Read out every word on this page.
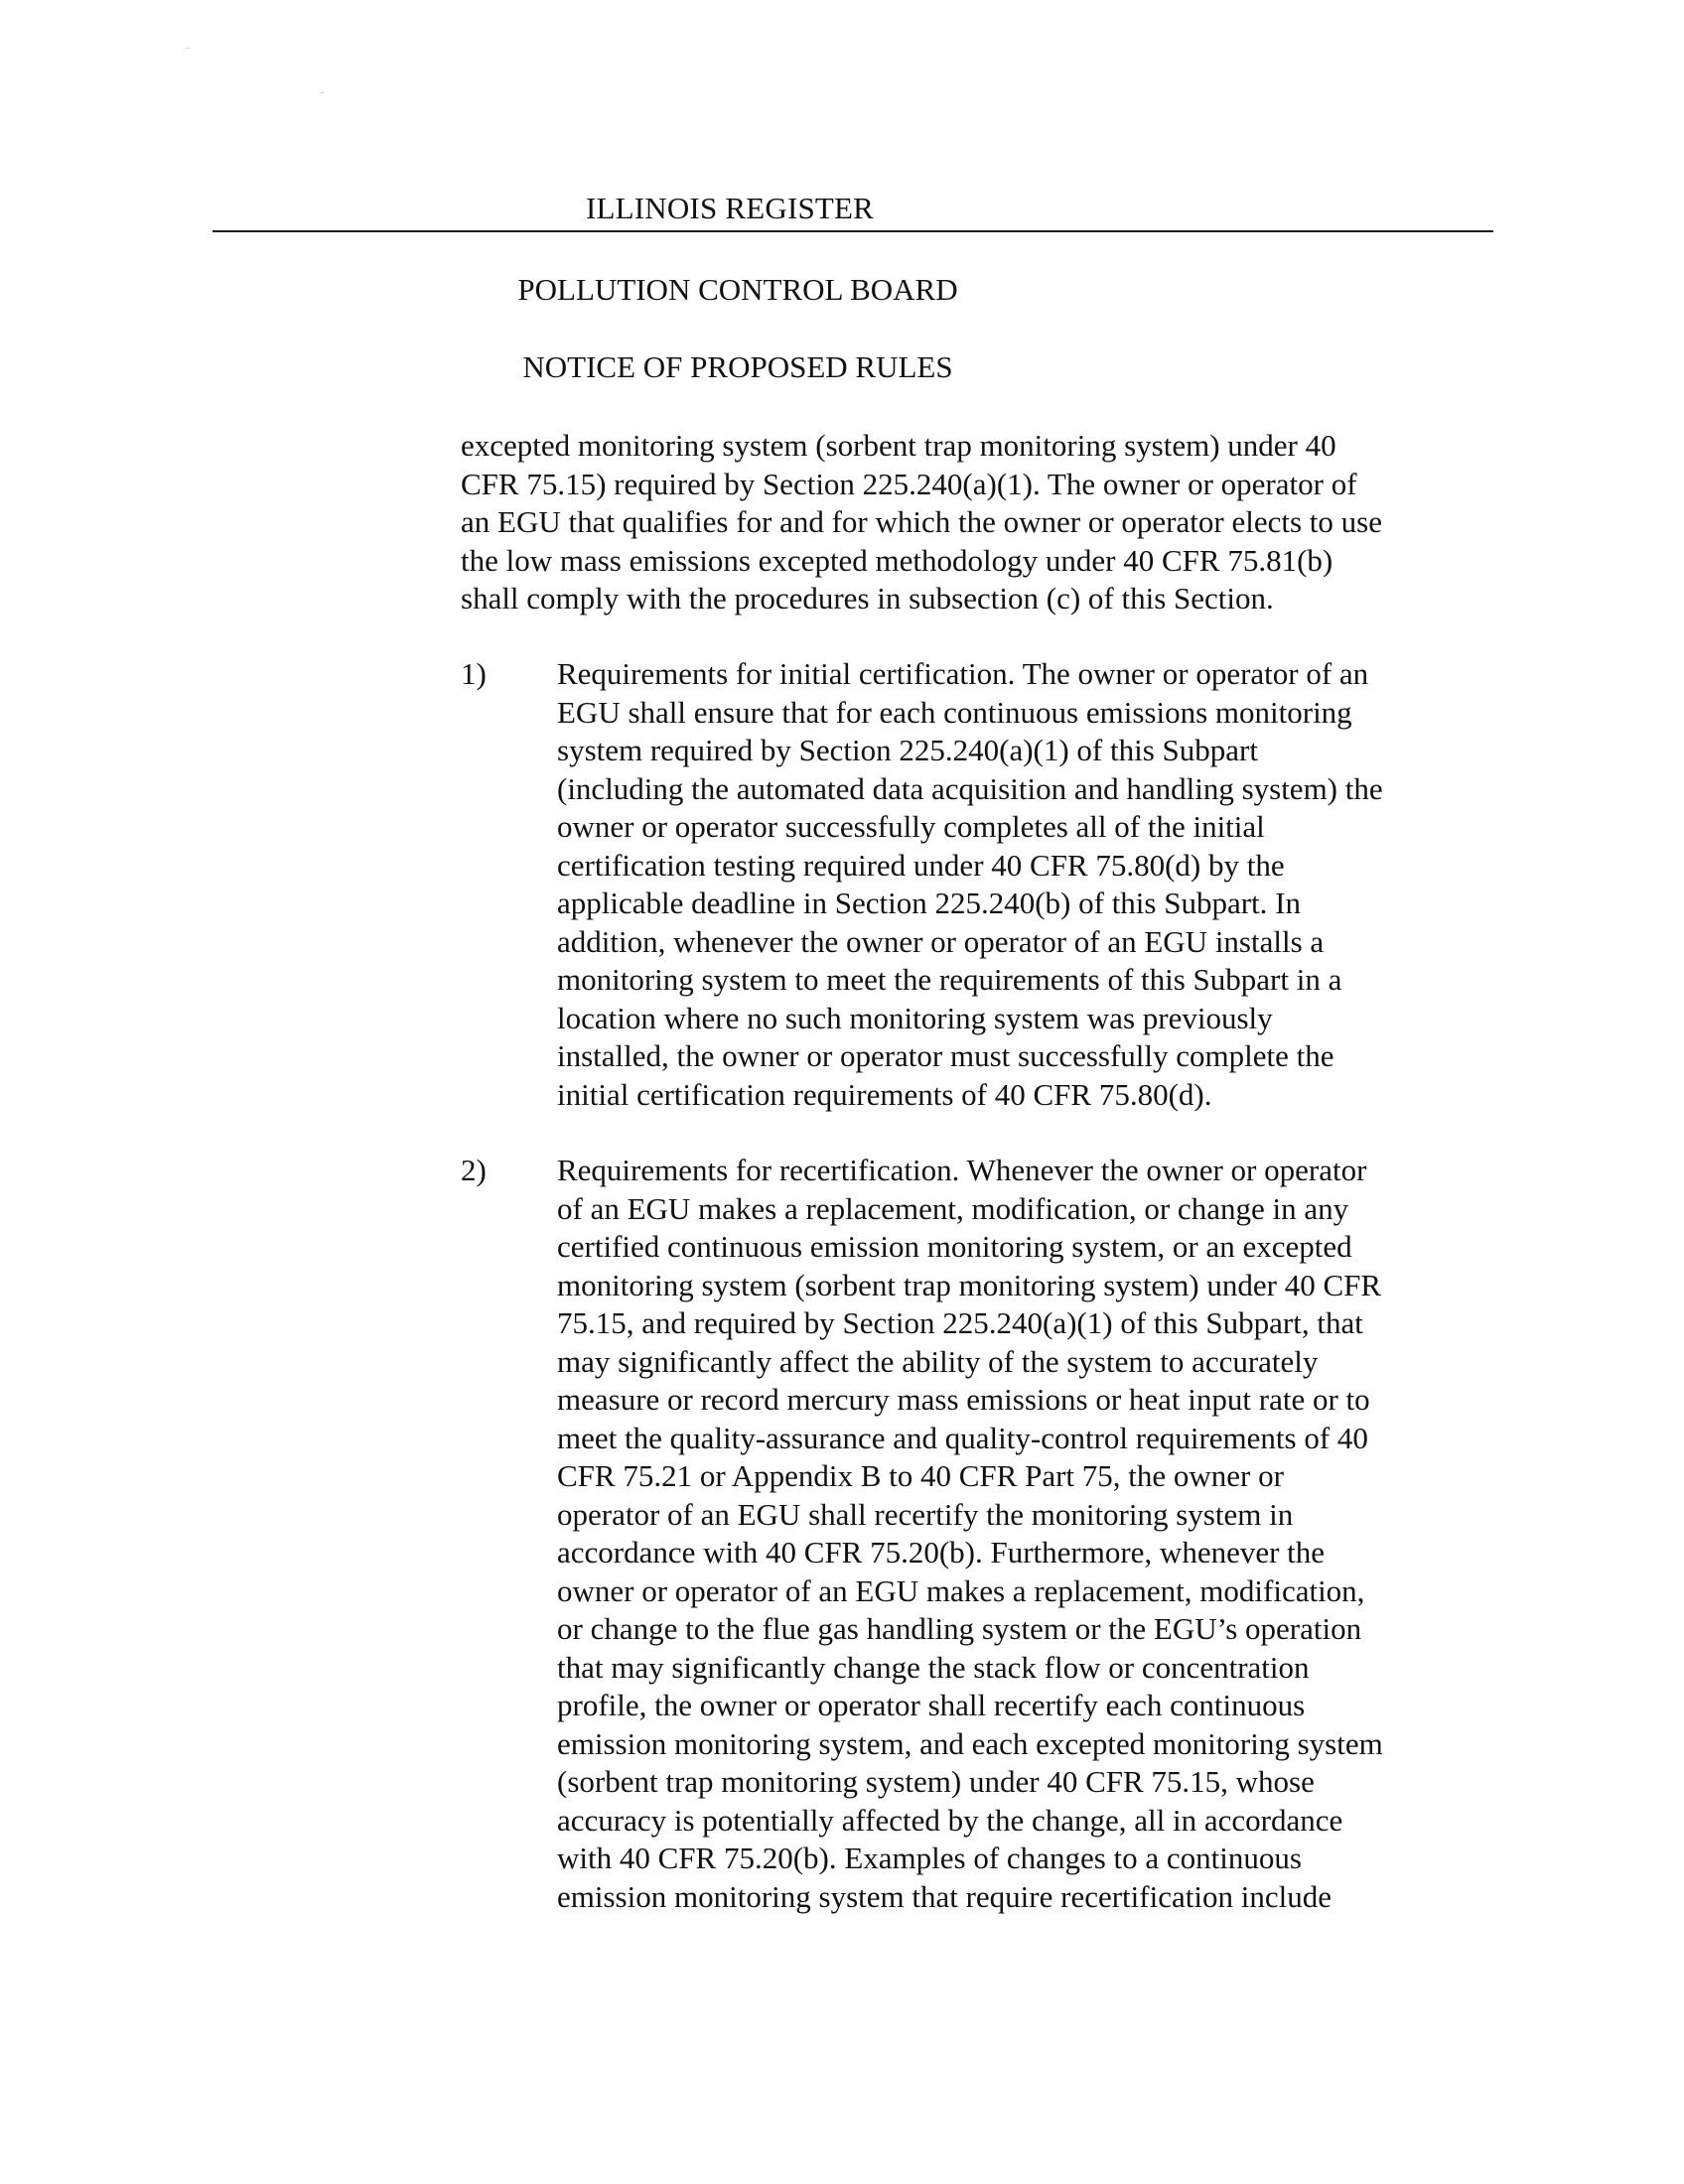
ILLINOIS REGISTER
POLLUTION CONTROL BOARD
NOTICE OF PROPOSED RULES
excepted monitoring system (sorbent trap monitoring system) under 40
CFR 75.15) required by Section 225.240(a)(1). The owner or operator of
an EGU that qualifies for and for which the owner or operator elects to use
the low mass emissions excepted methodology under 40 CFR 75.81(b)
shall comply with the procedures in subsection (c) of this Section.
1) Requirements for initial certification. The owner or operator of an
EGU shall ensure that for each continuous emissions monitoring
system required by Section 225.240(a)(1) of this Subpart
(including the automated data acquisition and handling system) the
owner or operator successfully completes all of the initial
certification testing required under 40 CFR 75.80(d) by the
applicable deadline in Section 225.240(b) of this Subpart. In
addition, whenever the owner or operator of an EGU installs a
monitoring system to meet the requirements of this Subpart in a
location where no such monitoring system was previously
installed, the owner or operator must successfully complete the
initial certification requirements of 40 CFR 75.80(d).
2) Requirements for recertification. Whenever the owner or operator
of an EGU makes a replacement, modification, or change in any
certified continuous emission monitoring system, or an excepted
monitoring system (sorbent trap monitoring system) under 40 CFR
75.15, and required by Section 225.240(a)(1) of this Subpart, that
may significantly affect the ability of the system to accurately
measure or record mercury mass emissions or heat input rate or to
meet the quality-assurance and quality-control requirements of 40
CFR 75.21 or Appendix B to 40 CFR Part 75, the owner or
operator of an EGU shall recertify the monitoring system in
accordance with 40 CFR 75.20(b). Furthermore, whenever the
owner or operator of an EGU makes a replacement, modification,
or change to the flue gas handling system or the EGU’s operation
that may significantly change the stack flow or concentration
profile, the owner or operator shall recertify each continuous
emission monitoring system, and each excepted monitoring system
(sorbent trap monitoring system) under 40 CFR 75.15, whose
accuracy is potentially affected by the change, all in accordance
with 40 CFR 75.20(b). Examples of changes to a continuous
emission monitoring system that require recertification include
